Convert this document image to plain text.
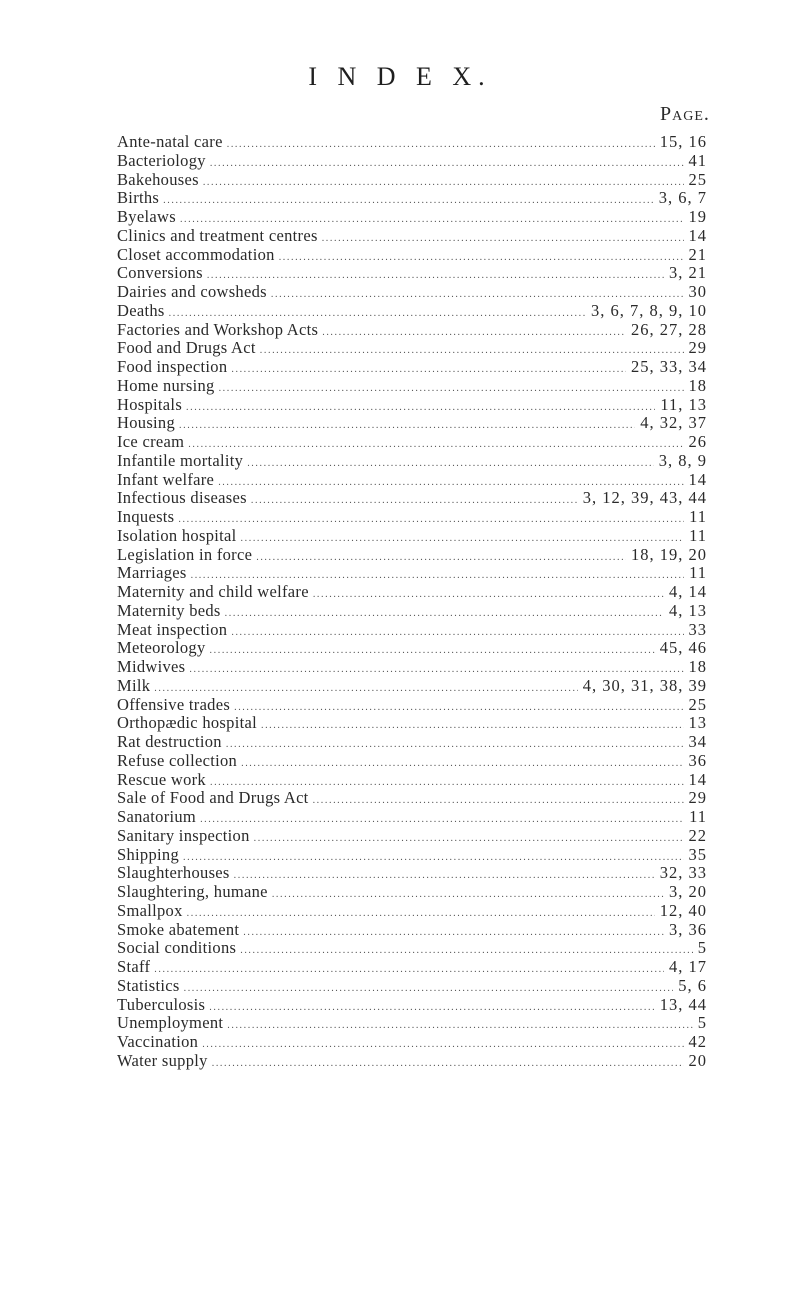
I N D E X.
Page.
Ante-natal care .....	15, 16
Bacteriology .....	41
Bakehouses .....	25
Births .....	3, 6, 7
Byelaws .....	19
Clinics and treatment centres .....	14
Closet accommodation .....	21
Conversions .....	3, 21
Dairies and cowsheds .....	30
Deaths .....	3, 6, 7, 8, 9, 10
Factories and Workshop Acts .....	26, 27, 28
Food and Drugs Act .....	29
Food inspection .....	25, 33, 34
Home nursing .....	18
Hospitals .....	11, 13
Housing .....	4, 32, 37
Ice cream .....	26
Infantile mortality .....	3, 8, 9
Infant welfare .....	14
Infectious diseases .....	3, 12, 39, 43, 44
Inquests .....	11
Isolation hospital .....	11
Legislation in force .....	18, 19, 20
Marriages .....	11
Maternity and child welfare .....	4, 14
Maternity beds .....	4, 13
Meat inspection .....	33
Meteorology .....	45, 46
Midwives .....	18
Milk .....	4, 30, 31, 38, 39
Offensive trades .....	25
Orthopædic hospital .....	13
Rat destruction .....	34
Refuse collection .....	36
Rescue work .....	14
Sale of Food and Drugs Act .....	29
Sanatorium .....	11
Sanitary inspection .....	22
Shipping .....	35
Slaughterhouses .....	32, 33
Slaughtering, humane .....	3, 20
Smallpox .....	12, 40
Smoke abatement .....	3, 36
Social conditions .....	5
Staff .....	4, 17
Statistics .....	5, 6
Tuberculosis .....	13, 44
Unemployment .....	5
Vaccination .....	42
Water supply .....	20
